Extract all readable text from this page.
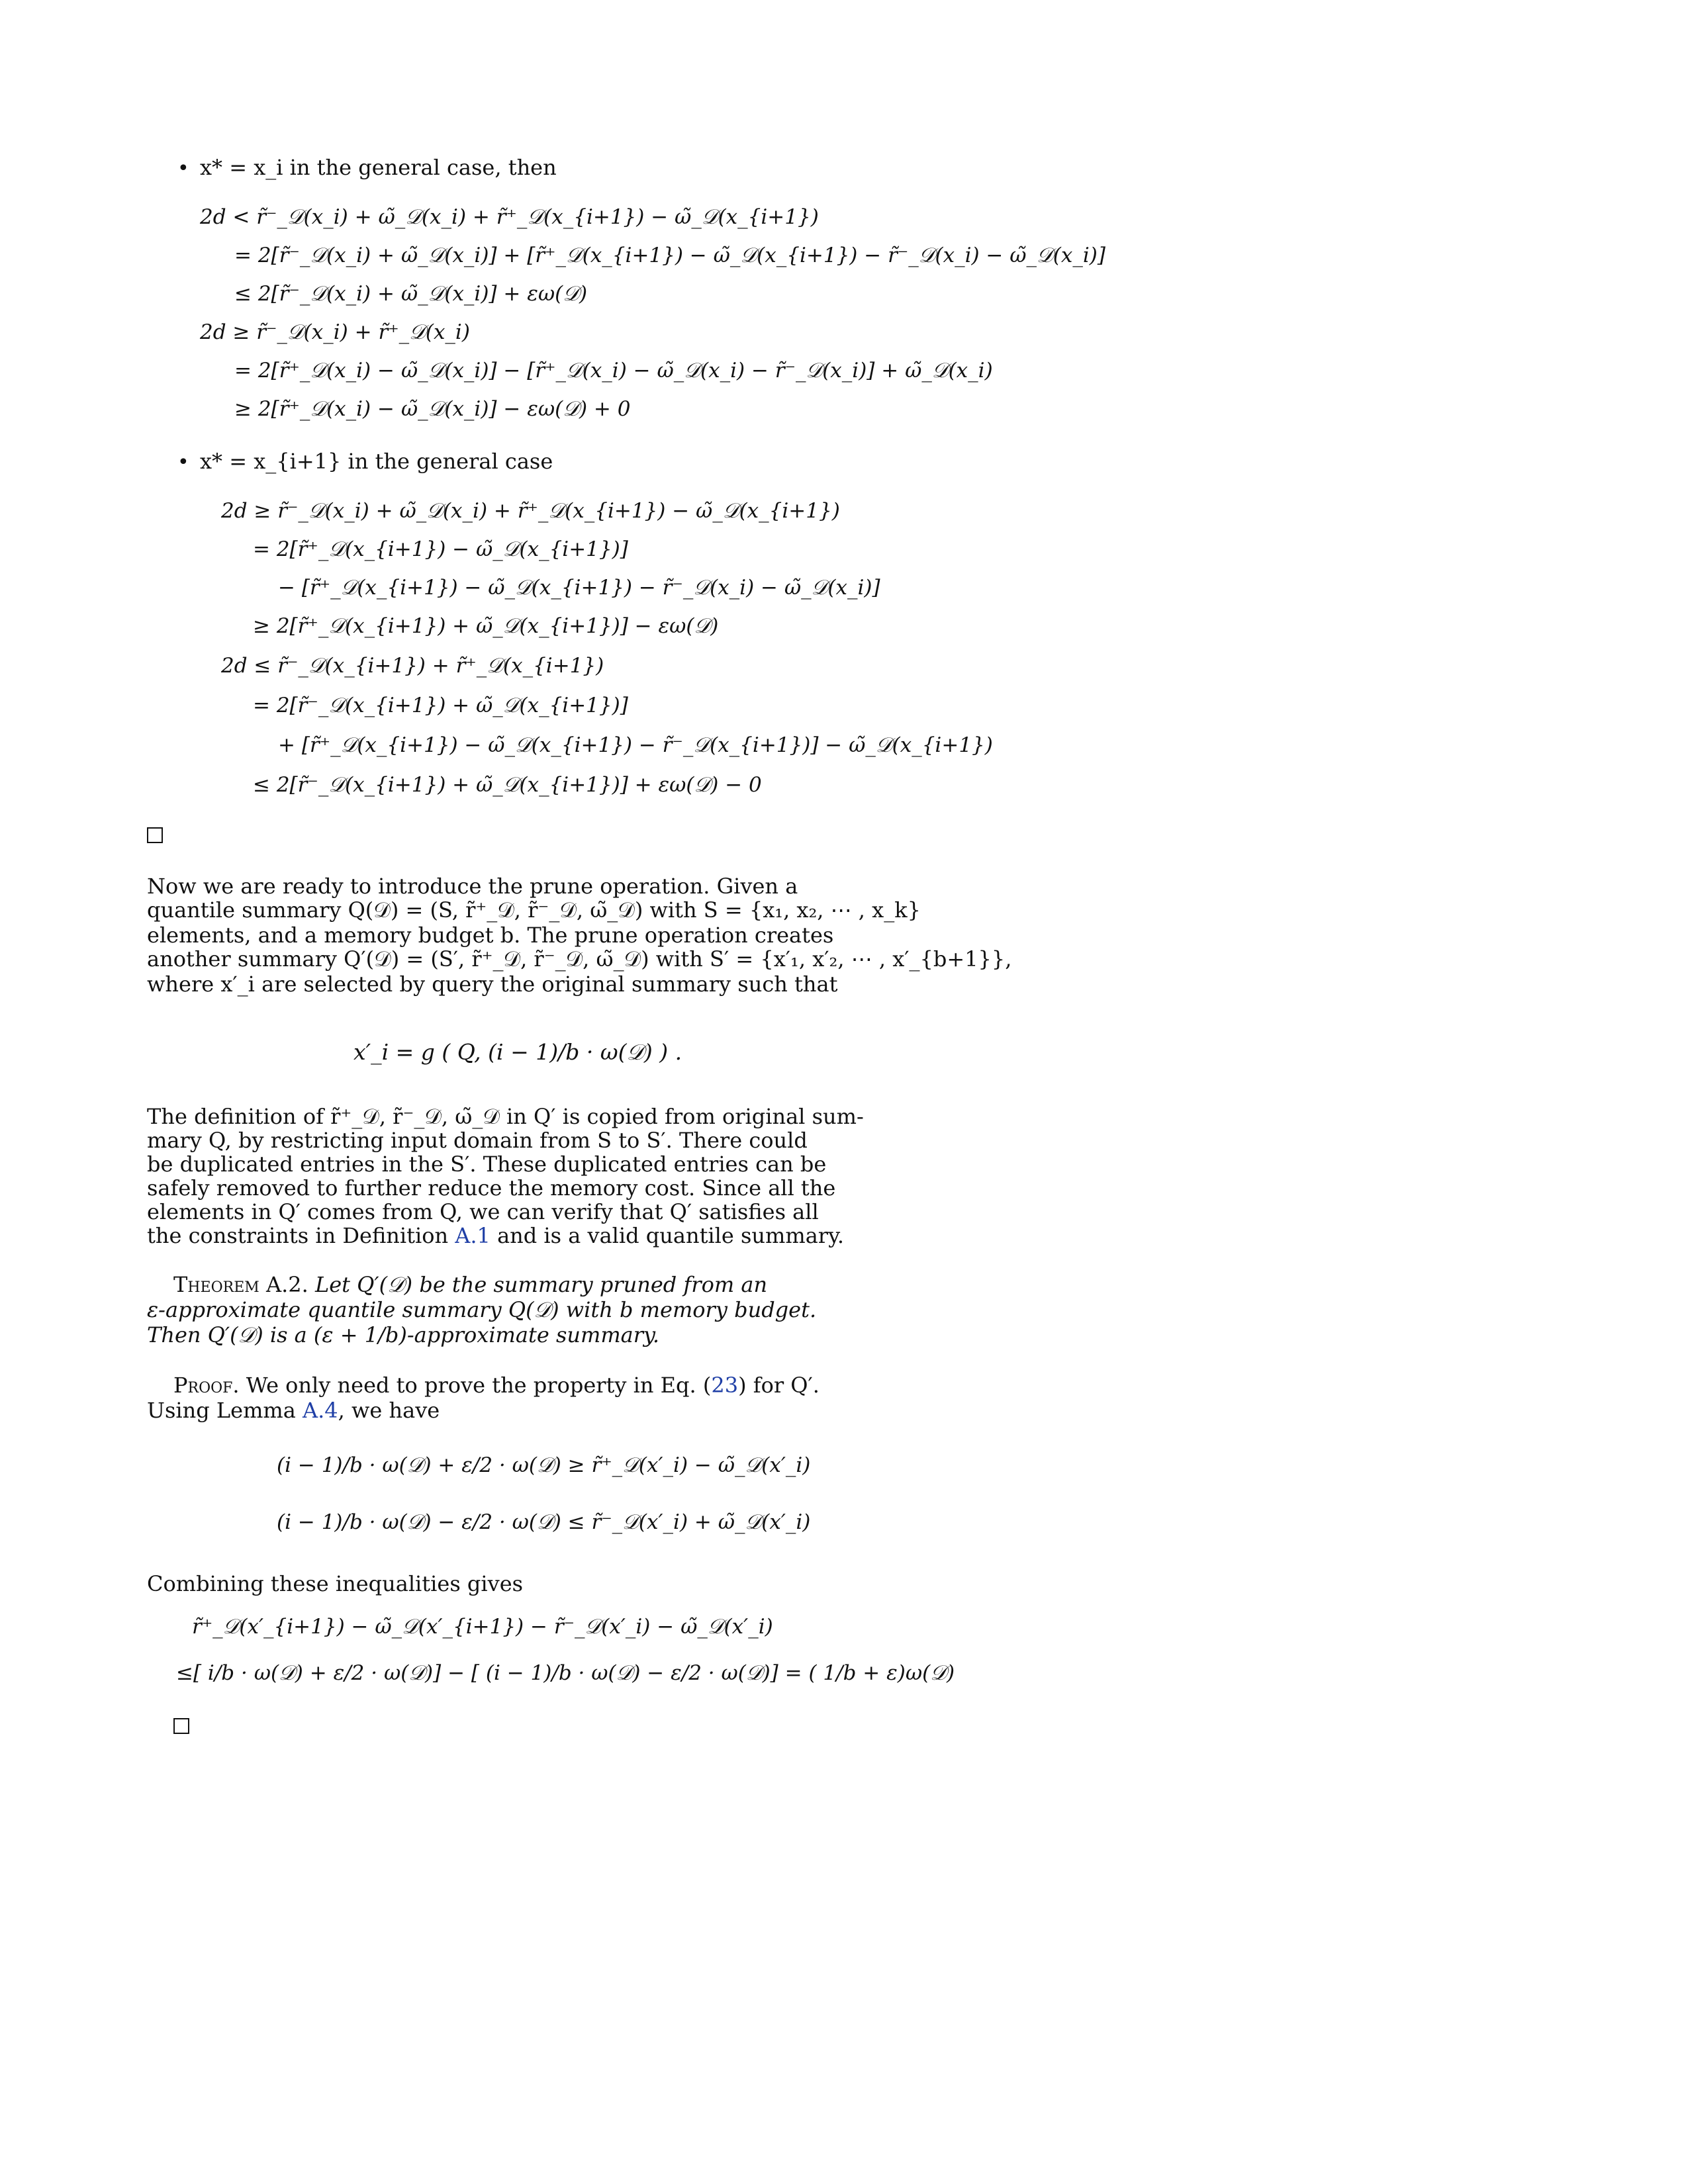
• x* = x_i in the general case, then
2d < r̃⁻_𝒟(x_i) + ω̃_𝒟(x_i) + r̃⁺_𝒟(x_{i+1}) − ω̃_𝒟(x_{i+1})
= 2[r̃⁻_𝒟(x_i) + ω̃_𝒟(x_i)] + [r̃⁺_𝒟(x_{i+1}) − ω̃_𝒟(x_{i+1}) − r̃⁻_𝒟(x_i) − ω̃_𝒟(x_i)]
≤ 2[r̃⁻_𝒟(x_i) + ω̃_𝒟(x_i)] + εω(𝒟)
2d ≥ r̃⁻_𝒟(x_i) + r̃⁺_𝒟(x_i)
= 2[r̃⁺_𝒟(x_i) − ω̃_𝒟(x_i)] − [r̃⁺_𝒟(x_i) − ω̃_𝒟(x_i) − r̃⁻_𝒟(x_i)] + ω̃_𝒟(x_i)
≥ 2[r̃⁺_𝒟(x_i) − ω̃_𝒟(x_i)] − εω(𝒟) + 0
• x* = x_{i+1} in the general case
2d ≥ r̃⁻_𝒟(x_i) + ω̃_𝒟(x_i) + r̃⁺_𝒟(x_{i+1}) − ω̃_𝒟(x_{i+1})
= 2[r̃⁺_𝒟(x_{i+1}) − ω̃_𝒟(x_{i+1})]
− [r̃⁺_𝒟(x_{i+1}) − ω̃_𝒟(x_{i+1}) − r̃⁻_𝒟(x_i) − ω̃_𝒟(x_i)]
≥ 2[r̃⁺_𝒟(x_{i+1}) + ω̃_𝒟(x_{i+1})] − εω(𝒟)
2d ≤ r̃⁻_𝒟(x_{i+1}) + r̃⁺_𝒟(x_{i+1})
= 2[r̃⁻_𝒟(x_{i+1}) + ω̃_𝒟(x_{i+1})]
+ [r̃⁺_𝒟(x_{i+1}) − ω̃_𝒟(x_{i+1}) − r̃⁻_𝒟(x_{i+1})] − ω̃_𝒟(x_{i+1})
≤ 2[r̃⁻_𝒟(x_{i+1}) + ω̃_𝒟(x_{i+1})] + εω(𝒟) − 0
Now we are ready to introduce the prune operation. Given a
quantile summary Q(𝒟) = (S, r̃⁺_𝒟, r̃⁻_𝒟, ω̃_𝒟) with S = {x₁, x₂, ⋯ , x_k}
elements, and a memory budget b. The prune operation creates
another summary Q′(𝒟) = (S′, r̃⁺_𝒟, r̃⁻_𝒟, ω̃_𝒟) with S′ = {x′₁, x′₂, ⋯ , x′_{b+1}},
where x′_i are selected by query the original summary such that
x′_i = g ( Q, (i − 1)/b · ω(𝒟) ) .
The definition of r̃⁺_𝒟, r̃⁻_𝒟, ω̃_𝒟 in Q′ is copied from original sum-
mary Q, by restricting input domain from S to S′. There could
be duplicated entries in the S′. These duplicated entries can be
safely removed to further reduce the memory cost. Since all the
elements in Q′ comes from Q, we can verify that Q′ satisfies all
the constraints in Definition A.1 and is a valid quantile summary.
Theorem A.2. Let Q′(𝒟) be the summary pruned from an
ε-approximate quantile summary Q(𝒟) with b memory budget.
Then Q′(𝒟) is a (ε + 1/b)-approximate summary.
Proof. We only need to prove the property in Eq. (23) for Q′.
Using Lemma A.4, we have
(i − 1)/b · ω(𝒟) + ε/2 · ω(𝒟) ≥ r̃⁺_𝒟(x′_i) − ω̃_𝒟(x′_i)
(i − 1)/b · ω(𝒟) − ε/2 · ω(𝒟) ≤ r̃⁻_𝒟(x′_i) + ω̃_𝒟(x′_i)
Combining these inequalities gives
r̃⁺_𝒟(x′_{i+1}) − ω̃_𝒟(x′_{i+1}) − r̃⁻_𝒟(x′_i) − ω̃_𝒟(x′_i)
≤[ i/b · ω(𝒟) + ε/2 · ω(𝒟)] − [ (i − 1)/b · ω(𝒟) − ε/2 · ω(𝒟)] = ( 1/b + ε)ω(𝒟)
